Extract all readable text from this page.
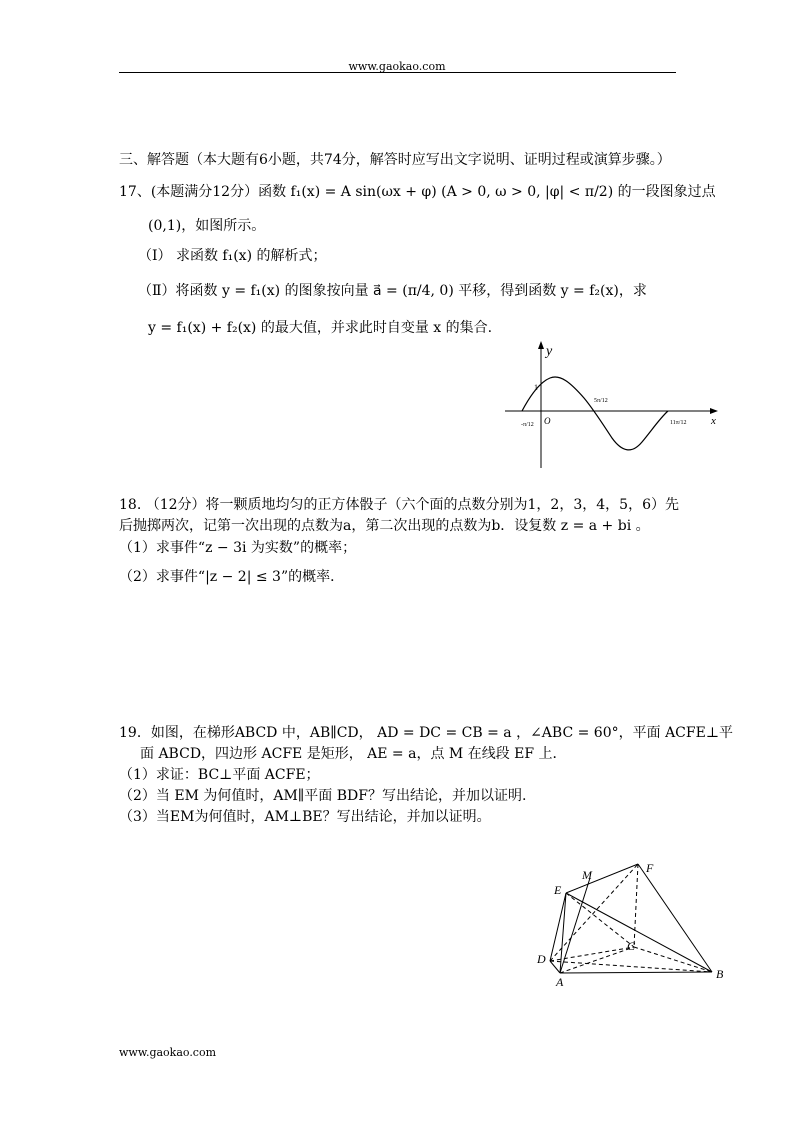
www.gaokao.com
三、解答题（本大题有6小题，共74分，解答时应写出文字说明、证明过程或演算步骤。）
17、(本题满分12分）函数 f₁(x) = A sin(ωx + φ) (A > 0, ω > 0, |φ| < π/2) 的一段图象过点
(0,1)，如图所示。
（Ⅰ） 求函数 f₁(x) 的解析式；
（Ⅱ）将函数 y = f₁(x) 的图象按向量 a⃗ = (π/4, 0) 平移，得到函数 y = f₂(x)，求
y = f₁(x) + f₂(x) 的最大值，并求此时自变量 x 的集合.
y
x
O
1
-π/12
5π/12
11π/12
18. （12分）将一颗质地均匀的正方体骰子（六个面的点数分别为1，2，3，4，5，6）先
后抛掷两次，记第一次出现的点数为a，第二次出现的点数为b．设复数 z = a + bi 。
（1）求事件“z − 3i 为实数”的概率；
（2）求事件“|z − 2| ≤ 3”的概率．
19．如图，在梯形ABCD 中，AB∥CD， AD = DC = CB = a ，∠ABC = 60°，平面 ACFE⊥平
面 ABCD，四边形 ACFE 是矩形， AE = a，点 M 在线段 EF 上．
（1）求证：BC⊥平面 ACFE；
（2）当 EM 为何值时，AM∥平面 BDF？写出结论，并加以证明.
（3）当EM为何值时，AM⊥BE？写出结论，并加以证明。
M	F
E
C
D
A
B
www.gaokao.com
